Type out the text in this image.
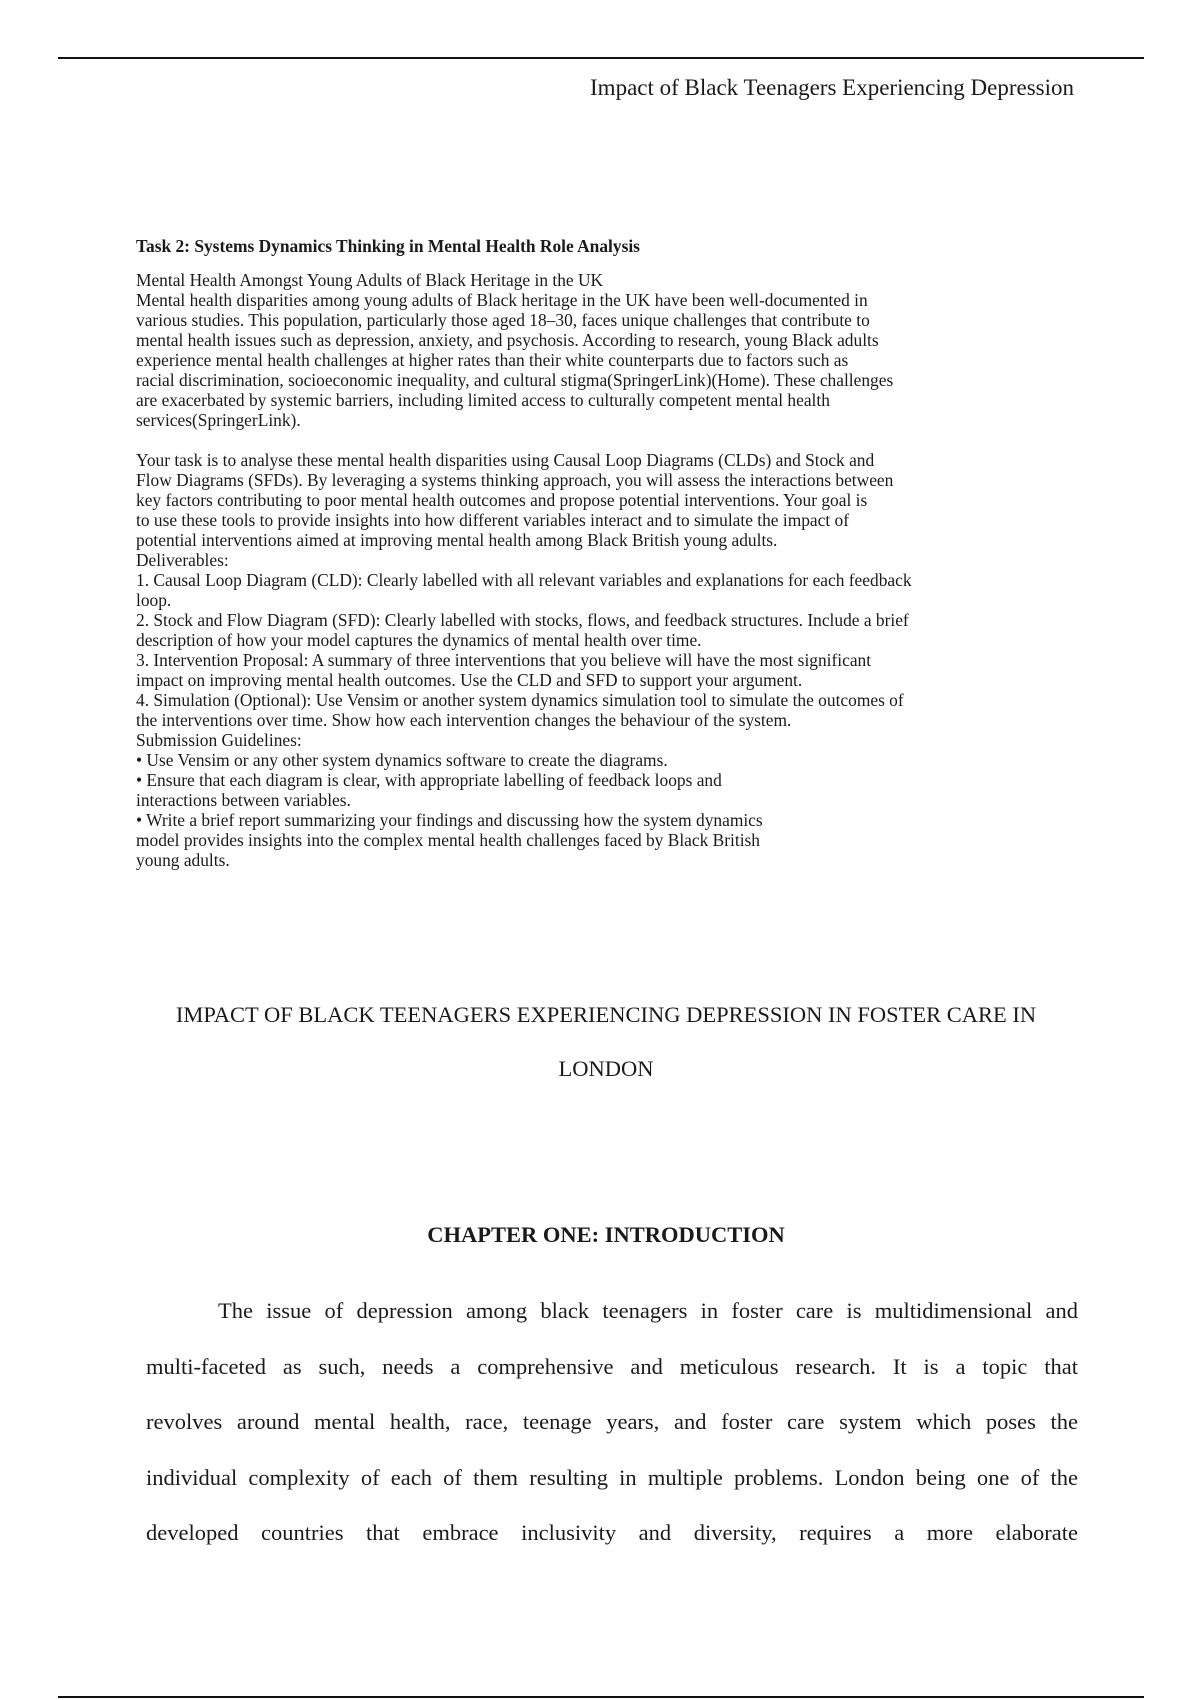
Impact of Black Teenagers Experiencing Depression
Task 2: Systems Dynamics Thinking in Mental Health Role Analysis

Mental Health Amongst Young Adults of Black Heritage in the UK
Mental health disparities among young adults of Black heritage in the UK have been well-documented in
various studies. This population, particularly those aged 18–30, faces unique challenges that contribute to
mental health issues such as depression, anxiety, and psychosis. According to research, young Black adults
experience mental health challenges at higher rates than their white counterparts due to factors such as
racial discrimination, socioeconomic inequality, and cultural stigma(SpringerLink)(Home). These challenges
are exacerbated by systemic barriers, including limited access to culturally competent mental health
services(SpringerLink).

Your task is to analyse these mental health disparities using Causal Loop Diagrams (CLDs) and Stock and
Flow Diagrams (SFDs). By leveraging a systems thinking approach, you will assess the interactions between
key factors contributing to poor mental health outcomes and propose potential interventions. Your goal is
to use these tools to provide insights into how different variables interact and to simulate the impact of
potential interventions aimed at improving mental health among Black British young adults.
Deliverables:
1. Causal Loop Diagram (CLD): Clearly labelled with all relevant variables and explanations for each feedback
loop.
2. Stock and Flow Diagram (SFD): Clearly labelled with stocks, flows, and feedback structures. Include a brief
description of how your model captures the dynamics of mental health over time.
3. Intervention Proposal: A summary of three interventions that you believe will have the most significant
impact on improving mental health outcomes. Use the CLD and SFD to support your argument.
4. Simulation (Optional): Use Vensim or another system dynamics simulation tool to simulate the outcomes of
the interventions over time. Show how each intervention changes the behaviour of the system.
Submission Guidelines:
• Use Vensim or any other system dynamics software to create the diagrams.
• Ensure that each diagram is clear, with appropriate labelling of feedback loops and
interactions between variables.
• Write a brief report summarizing your findings and discussing how the system dynamics
model provides insights into the complex mental health challenges faced by Black British
young adults.

IMPACT OF BLACK TEENAGERS EXPERIENCING DEPRESSION IN FOSTER CARE IN
LONDON
CHAPTER ONE: INTRODUCTION
The issue of depression among black teenagers in foster care is multidimensional and
multi-faceted as such, needs a comprehensive and meticulous research. It is a topic that
revolves around mental health, race, teenage years, and foster care system which poses the
individual complexity of each of them resulting in multiple problems. London being one of the
developed countries that embrace inclusivity and diversity, requires a more elaborate
